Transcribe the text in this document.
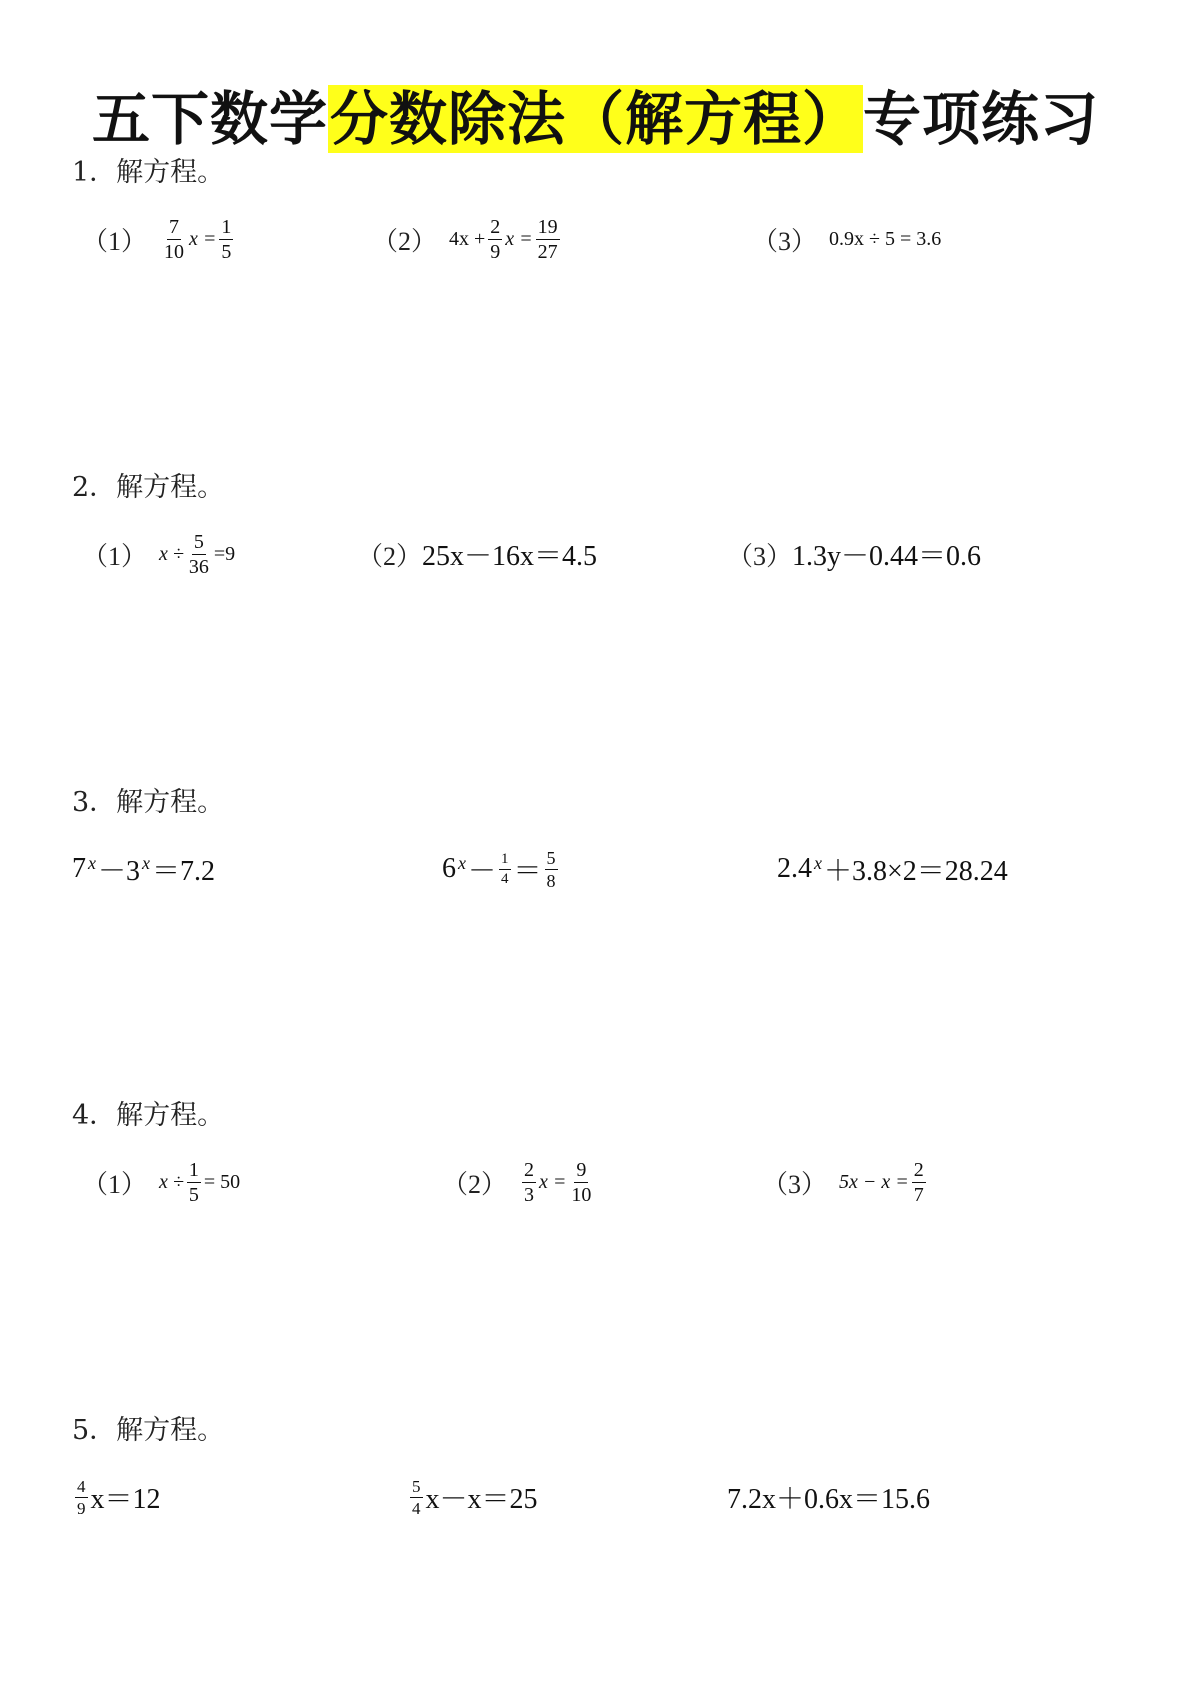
五下数学分数除法（解方程）专项练习
1．解方程。
$(1) \frac{7}{10}$ $x = \frac{1}{5}$	（2） $4x + \frac{2}{9}$ $x = \frac{19}{27}$	（3） 0.9x ÷ 5 = 3.6
2．解方程。
（1） $x \div \frac{5}{36} =9$	（2） 25x－16x＝4.5	（3） 1.3y－0.44＝0.6
3．解方程。
7 x －3 x ＝7.2	6 $x - \frac{1}{4} = \frac{5}{8}$	2.4 x ＋3.8×2＝28.24
4．解方程。
（1） $x \div \frac{1}{5} = 50$	$(2) \frac{2}{3}$ $x = \frac{9}{10}$	（3） $5x - x = \frac{2}{7}$
5．解方程。
$\frac{4}{9} x=12$	$\frac{5}{4} x-x=25$	7.2x＋0.6x＝15.6
